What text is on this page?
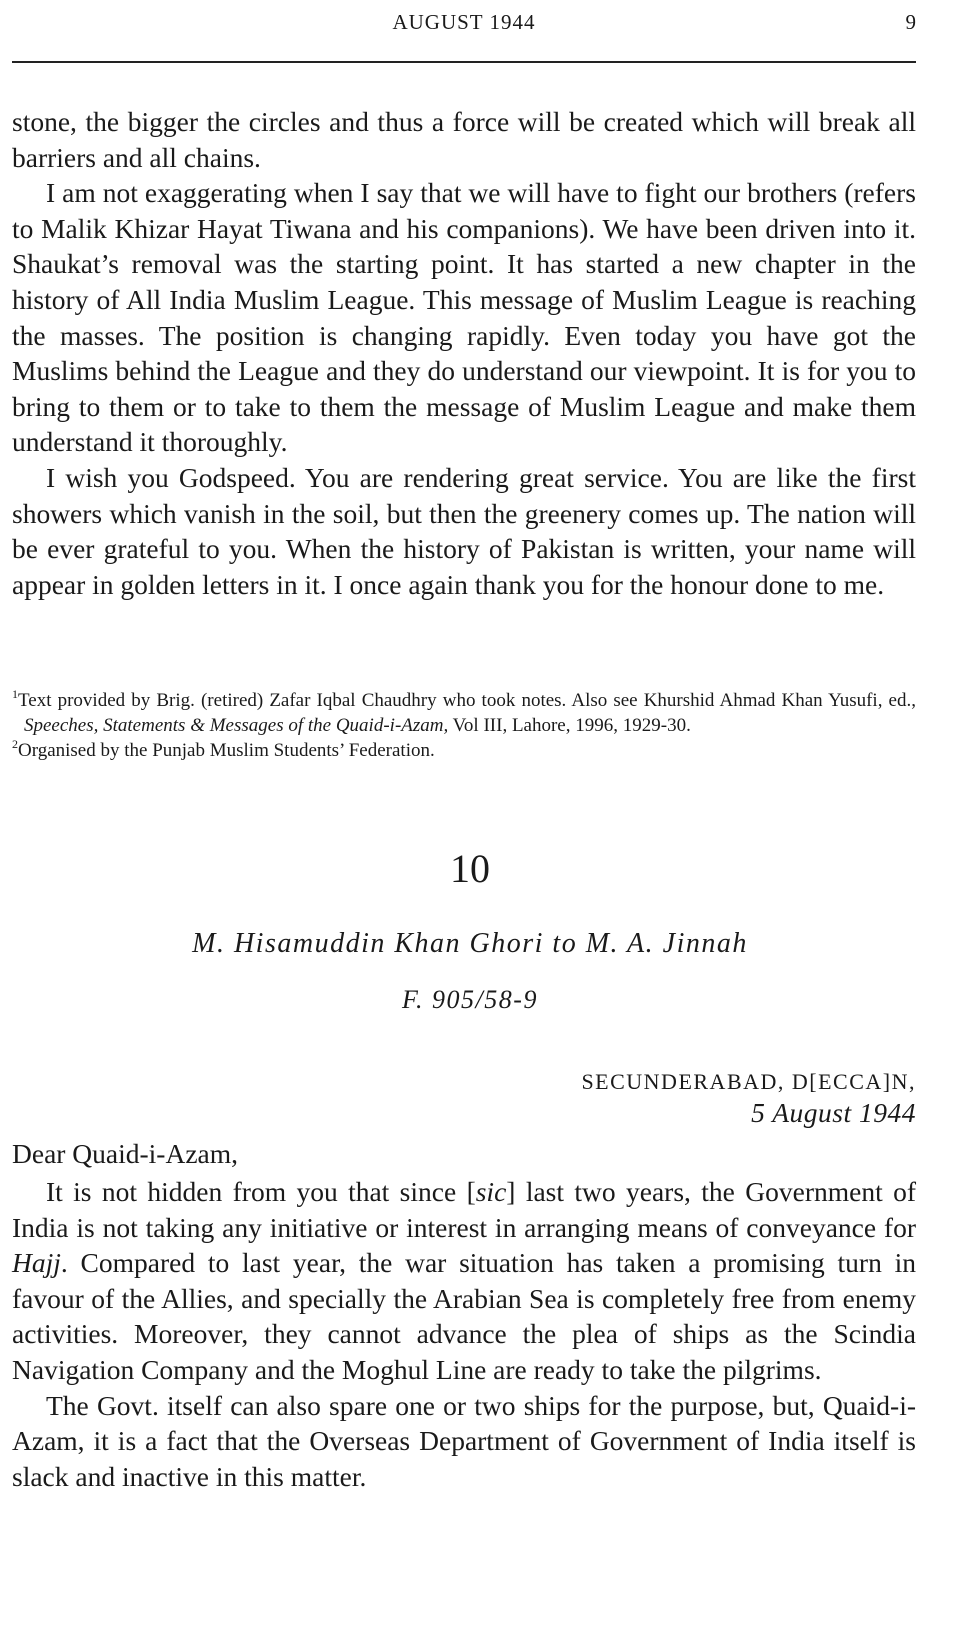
AUGUST 1944	9

stone, the bigger the circles and thus a force will be created which will break all barriers and all chains.

I am not exaggerating when I say that we will have to fight our brothers (refers to Malik Khizar Hayat Tiwana and his companions). We have been driven into it. Shaukat’s removal was the starting point. It has started a new chapter in the history of All India Muslim League. This message of Muslim League is reaching the masses. The position is changing rapidly. Even today you have got the Muslims behind the League and they do understand our viewpoint. It is for you to bring to them or to take to them the message of Muslim League and make them understand it thoroughly.

I wish you Godspeed. You are rendering great service. You are like the first showers which vanish in the soil, but then the greenery comes up. The nation will be ever grateful to you. When the history of Pakistan is written, your name will appear in golden letters in it. I once again thank you for the honour done to me.

$^1$Text provided by Brig. (retired) Zafar Iqbal Chaudhry who took notes. Also see Khurshid Ahmad Khan Yusufi, ed., Speeches, Statements & Messages of the Quaid-i-Azam, Vol III, Lahore, 1996, 1929-30.

$^2$Organised by the Punjab Muslim Students’ Federation.

10
M. Hisamuddin Khan Ghori to M. A. Jinnah
F. 905/58-9
SECUNDERABAD, D[ECCA]N,
5 August 1944
Dear Quaid-i-Azam,

It is not hidden from you that since [sic] last two years, the Government of India is not taking any initiative or interest in arranging means of conveyance for Hajj. Compared to last year, the war situation has taken a promising turn in favour of the Allies, and specially the Arabian Sea is completely free from enemy activities. Moreover, they cannot advance the plea of ships as the Scindia Navigation Company and the Moghul Line are ready to take the pilgrims.

The Govt. itself can also spare one or two ships for the purpose, but, Quaid-i-Azam, it is a fact that the Overseas Department of Government of India itself is slack and inactive in this matter.
